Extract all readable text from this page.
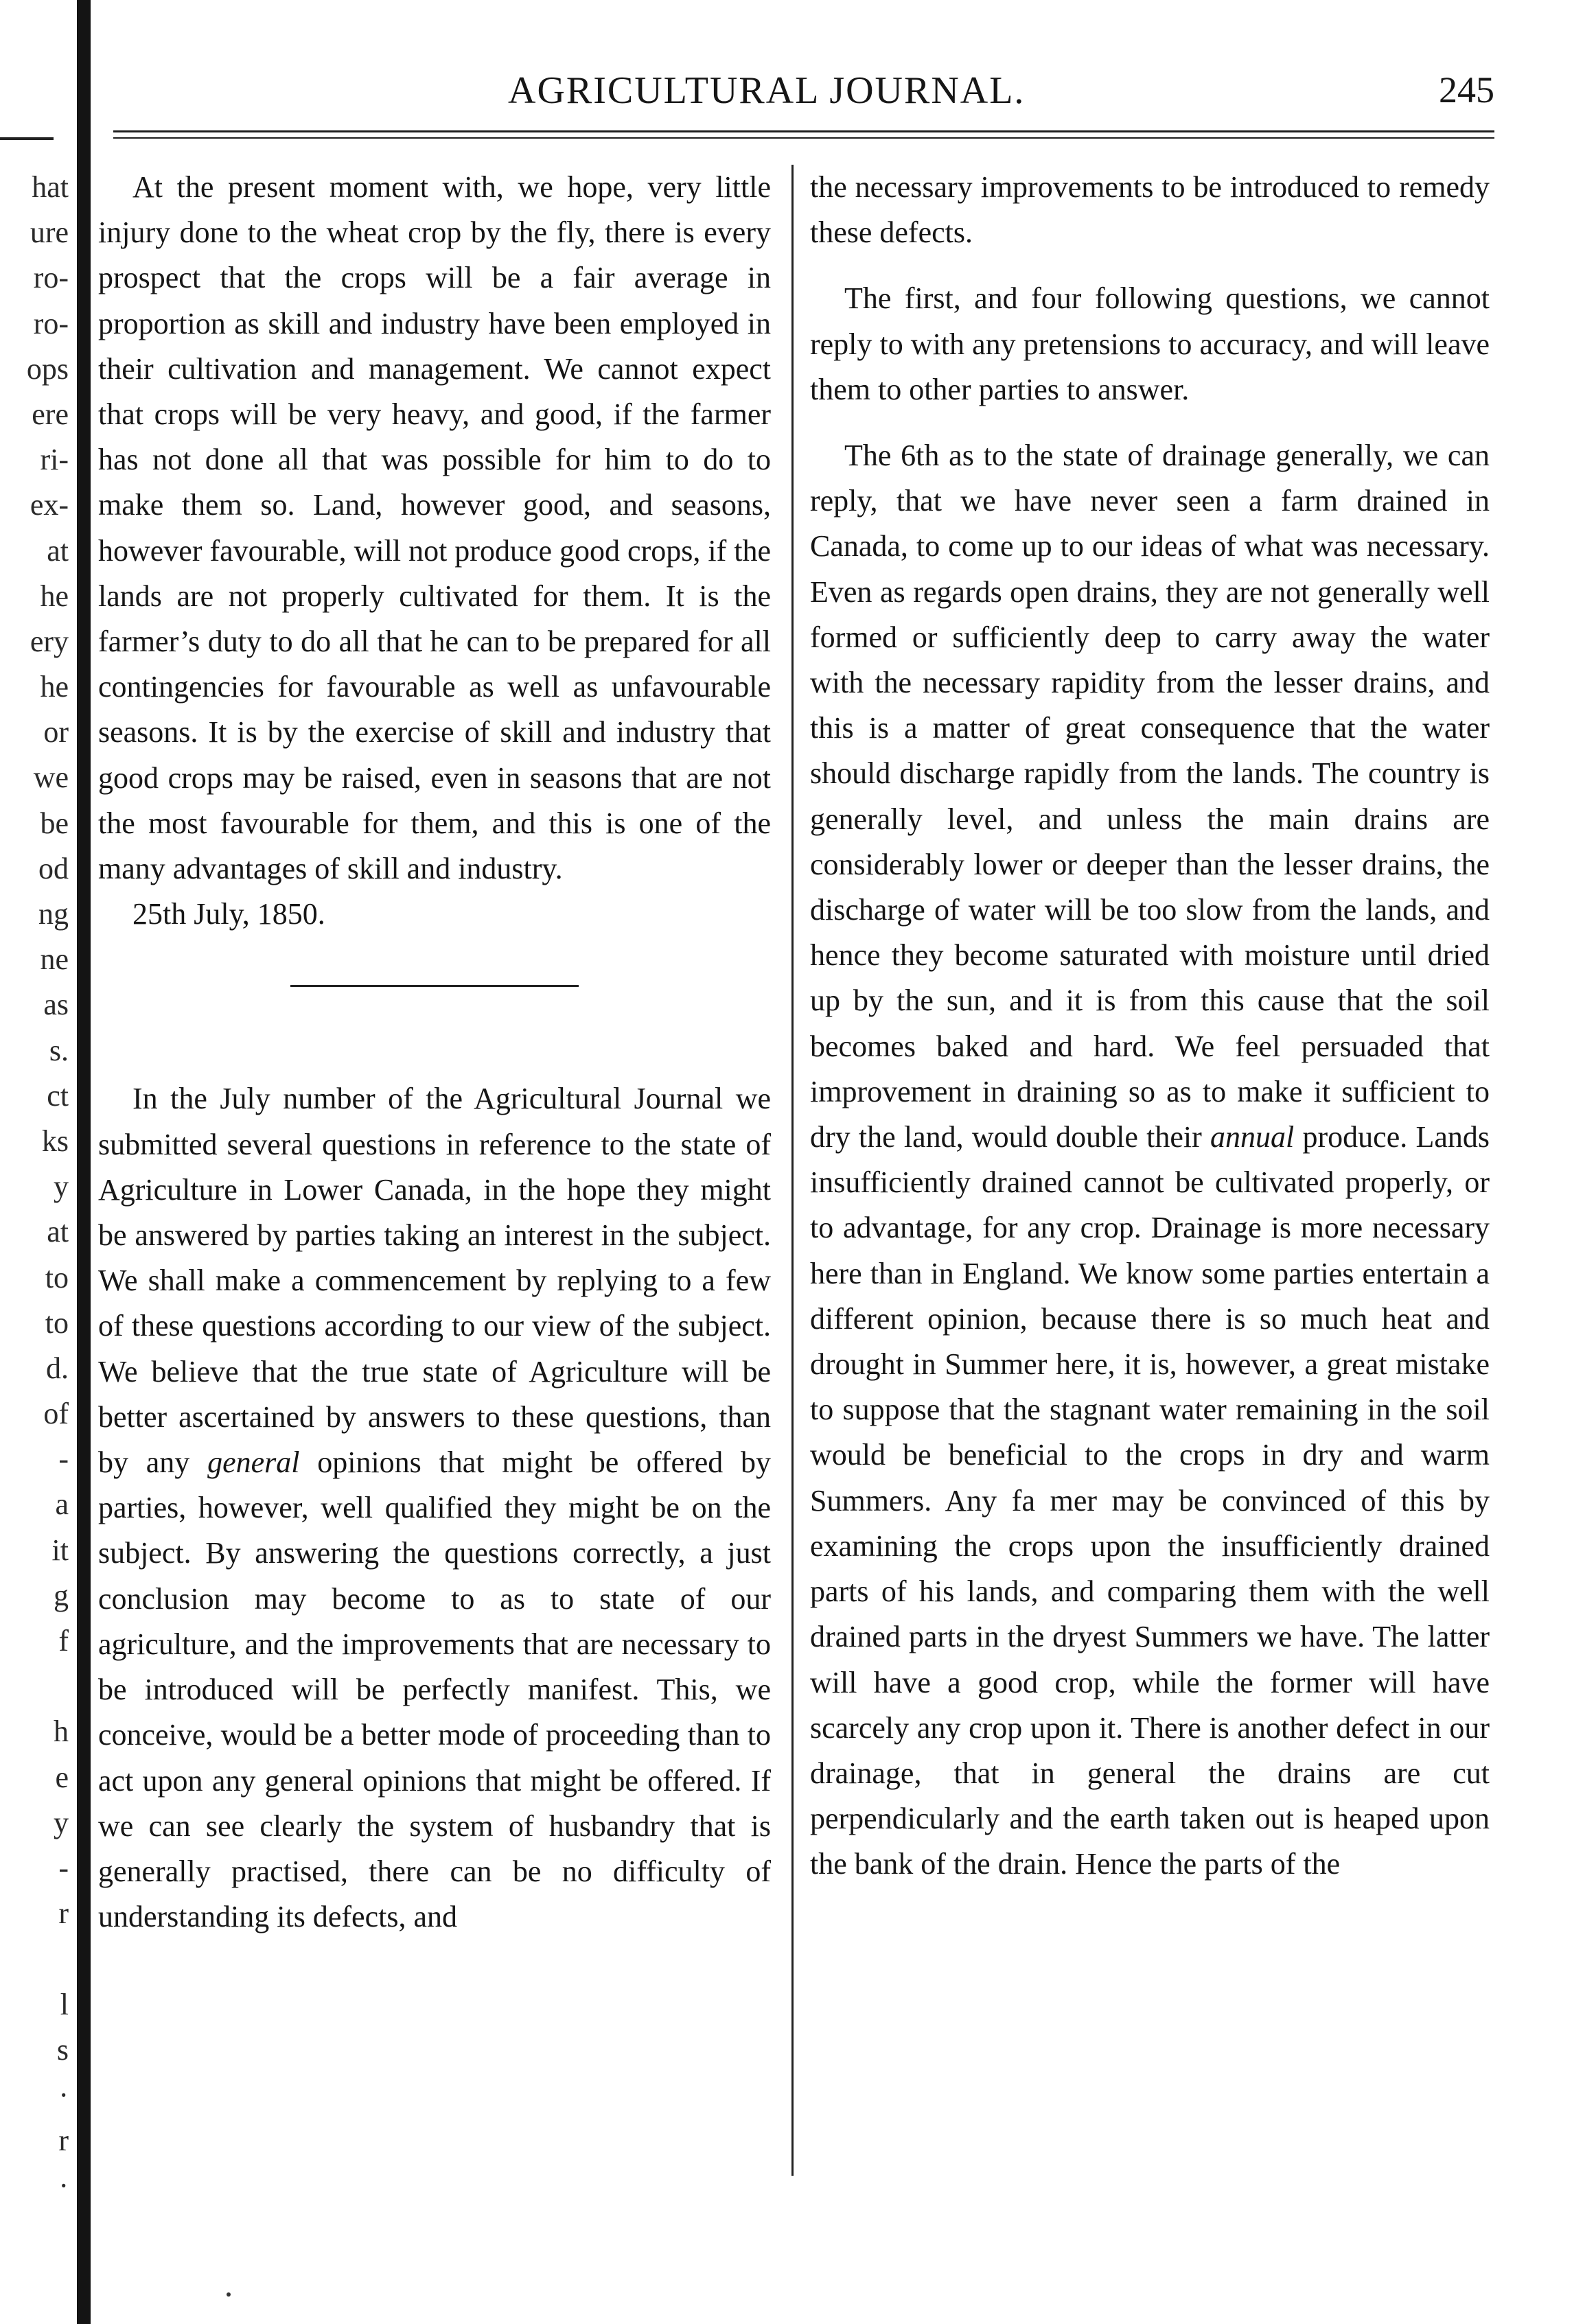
hat
ure
ro-
ro-
ops
ere
ri-
ex-
at
he
ery
he
or
we
be
od
ng
ne
as
s.
ct
ks
y
at
to
to
d.
of
-
a
it
g
f
h
e
y
-
r
l
s
·
r
·
AGRICULTURAL JOURNAL.	245

At the present moment with, we hope, very little injury done to the wheat crop by the fly, there is every prospect that the crops will be a fair average in proportion as skill and industry have been employed in their cultivation and management. We cannot expect that crops will be very heavy, and good, if the farmer has not done all that was possible for him to do to make them so. Land, however good, and seasons, however favourable, will not produce good crops, if the lands are not properly cultivated for them. It is the farmer’s duty to do all that he can to be prepared for all contingencies for favourable as well as unfavourable seasons. It is by the exercise of skill and industry that good crops may be raised, even in seasons that are not the most favourable for them, and this is one of the many advantages of skill and industry.

25th July, 1850.

In the July number of the Agricultural Journal we submitted several questions in reference to the state of Agriculture in Lower Canada, in the hope they might be answered by parties taking an interest in the subject. We shall make a commencement by replying to a few of these questions according to our view of the subject. We believe that the true state of Agriculture will be better ascertained by answers to these questions, than by any general opinions that might be offered by parties, however, well qualified they might be on the subject. By answering the questions correctly, a just conclusion may become to as to state of our agriculture, and the improvements that are necessary to be introduced will be perfectly manifest. This, we conceive, would be a better mode of proceeding than to act upon any general opinions that might be offered. If we can see clearly the system of husbandry that is generally practised, there can be no difficulty of understanding its defects, and

the necessary improvements to be introduced to remedy these defects.

The first, and four following questions, we cannot reply to with any pretensions to accuracy, and will leave them to other parties to answer.

The 6th as to the state of drainage generally, we can reply, that we have never seen a farm drained in Canada, to come up to our ideas of what was necessary. Even as regards open drains, they are not generally well formed or sufficiently deep to carry away the water with the necessary rapidity from the lesser drains, and this is a matter of great consequence that the water should discharge rapidly from the lands. The country is generally level, and unless the main drains are considerably lower or deeper than the lesser drains, the discharge of water will be too slow from the lands, and hence they become saturated with moisture until dried up by the sun, and it is from this cause that the soil becomes baked and hard. We feel persuaded that improvement in draining so as to make it sufficient to dry the land, would double their annual produce. Lands insufficiently drained cannot be cultivated properly, or to advantage, for any crop. Drainage is more necessary here than in England. We know some parties entertain a different opinion, because there is so much heat and drought in Summer here, it is, however, a great mistake to suppose that the stagnant water remaining in the soil would be beneficial to the crops in dry and warm Summers. Any fa mer may be convinced of this by examining the crops upon the insufficiently drained parts of his lands, and comparing them with the well drained parts in the dryest Summers we have. The latter will have a good crop, while the former will have scarcely any crop upon it. There is another defect in our drainage, that in general the drains are cut perpendicularly and the earth taken out is heaped upon the bank of the drain. Hence the parts of the
